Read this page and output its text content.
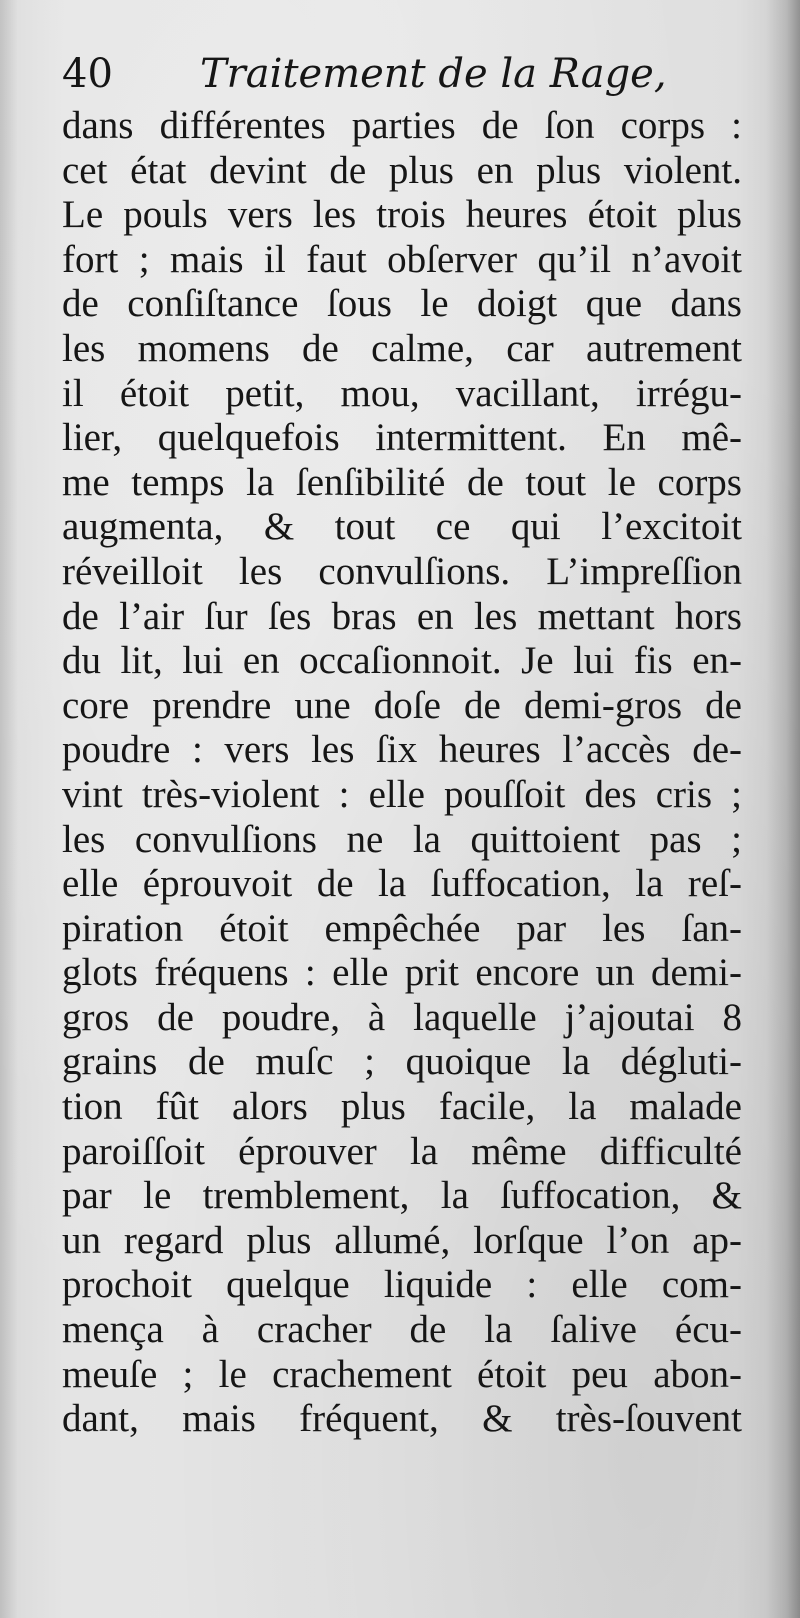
40 Traitement de la Rage,
dans différentes parties de ſon corps :
cet état devint de plus en plus violent.
Le pouls vers les trois heures étoit plus
fort ; mais il faut obſerver qu’il n’avoit
de conſiſtance ſous le doigt que dans
les momens de calme, car autrement
il étoit petit, mou, vacillant, irrégu-
lier, quelquefois intermittent. En mê-
me temps la ſenſibilité de tout le corps
augmenta, & tout ce qui l’excitoit
réveilloit les convulſions. L’impreſſion
de l’air ſur ſes bras en les mettant hors
du lit, lui en occaſionnoit. Je lui fis en-
core prendre une doſe de demi-gros de
poudre : vers les ſix heures l’accès de-
vint très-violent : elle pouſſoit des cris ;
les convulſions ne la quittoient pas ;
elle éprouvoit de la ſuffocation, la reſ-
piration étoit empêchée par les ſan-
glots fréquens : elle prit encore un demi-
gros de poudre, à laquelle j’ajoutai 8
grains de muſc ; quoique la dégluti-
tion fût alors plus facile, la malade
paroiſſoit éprouver la même difficulté
par le tremblement, la ſuffocation, &
un regard plus allumé, lorſque l’on ap-
prochoit quelque liquide : elle com-
mença à cracher de la ſalive écu-
meuſe ; le crachement étoit peu abon-
dant, mais fréquent, & très-ſouvent
